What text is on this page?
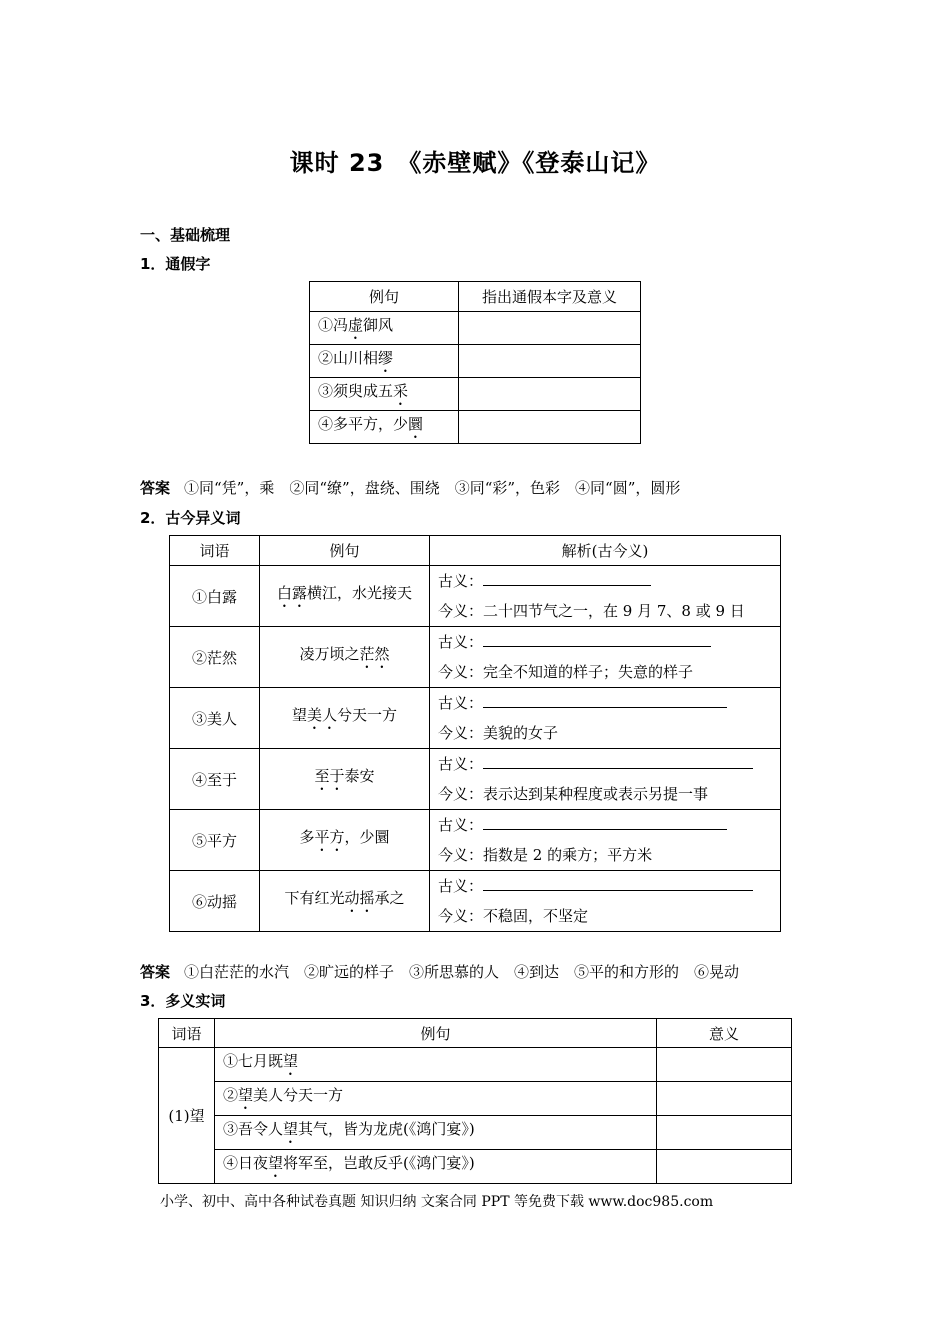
课时 23　《赤壁赋》《登泰山记》
一、基础梳理
1．通假字
例句	指出通假本字及意义
①冯虚御风	
②山川相缪	
③须臾成五采	
④多平方，少圜	
答案 ①同“凭”，乘　②同“缭”，盘绕、围绕　③同“彩”，色彩　④同“圆”，圆形
2．古今异义词
词语	例句	解析(古今义)
①白露	白露横江，水光接天	古义：
今义：二十四节气之一，在 9 月 7、8 或 9 日

②茫然	凌万顷之茫然	古义：
今义：完全不知道的样子；失意的样子

③美人	望美人兮天一方	古义：
今义：美貌的女子

④至于	至于泰安	古义：
今义：表示达到某种程度或表示另提一事

⑤平方	多平方，少圜	古义：
今义：指数是 2 的乘方；平方米

⑥动摇	下有红光动摇承之	古义：
今义：不稳固，不坚定
答案 ①白茫茫的水汽　②旷远的样子　③所思慕的人　④到达　⑤平的和方形的　⑥晃动
3．多义实词
词语	例句	意义
(1)望	①七月既望	
	②望美人兮天一方	
	③吾令人望其气，皆为龙虎(《鸿门宴》)	
	④日夜望将军至，岂敢反乎(《鸿门宴》)	
小学、初中、高中各种试卷真题 知识归纳 文案合同 PPT 等免费下载 www.doc985.com
